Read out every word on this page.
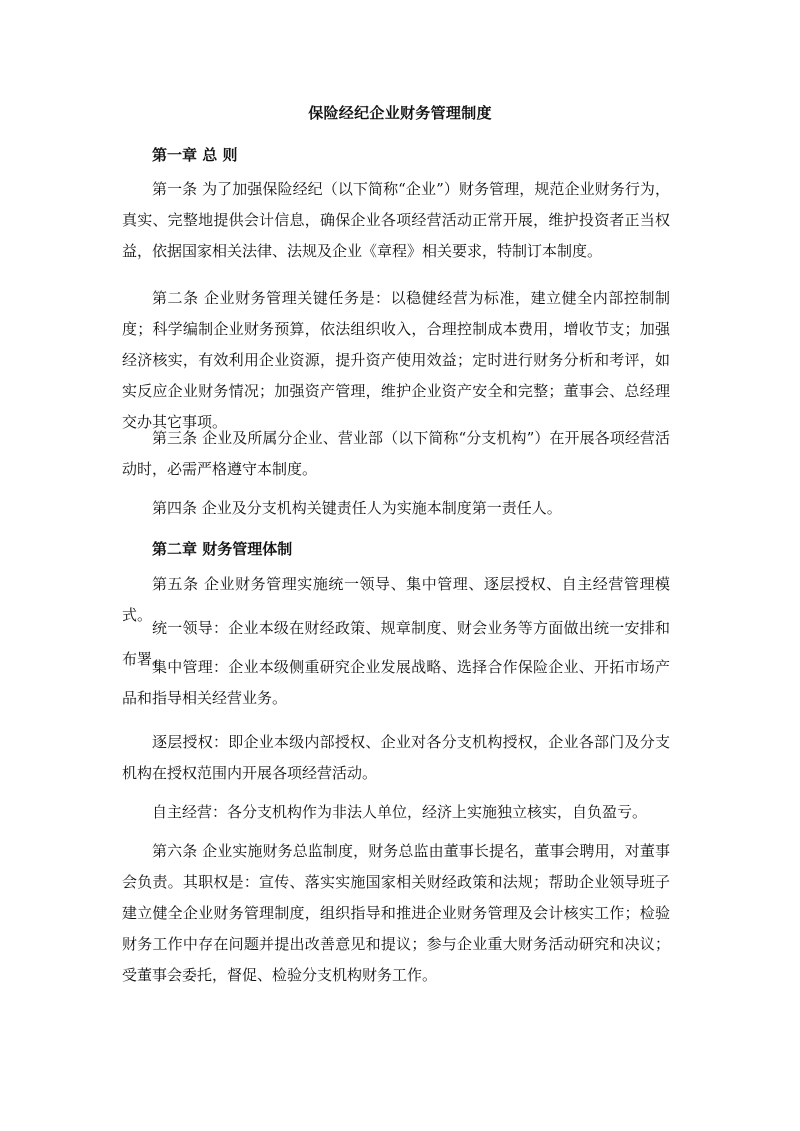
保险经纪企业财务管理制度
第一章 总 则

第一条 为了加强保险经纪（以下简称“企业”）财务管理，规范企业财务行为，真实、完整地提供会计信息，确保企业各项经营活动正常开展，维护投资者正当权益，依据国家相关法律、法规及企业《章程》相关要求，特制订本制度。

第二条 企业财务管理关键任务是：以稳健经营为标准，建立健全内部控制制度；科学编制企业财务预算，依法组织收入，合理控制成本费用，增收节支；加强经济核实，有效利用企业资源，提升资产使用效益；定时进行财务分析和考评，如实反应企业财务情况；加强资产管理，维护企业资产安全和完整；董事会、总经理交办其它事项。

第三条 企业及所属分企业、营业部（以下简称“分支机构”）在开展各项经营活动时，必需严格遵守本制度。

第四条 企业及分支机构关键责任人为实施本制度第一责任人。

第二章 财务管理体制

第五条 企业财务管理实施统一领导、集中管理、逐层授权、自主经营管理模式。

统一领导：企业本级在财经政策、规章制度、财会业务等方面做出统一安排和布署。

集中管理：企业本级侧重研究企业发展战略、选择合作保险企业、开拓市场产品和指导相关经营业务。

逐层授权：即企业本级内部授权、企业对各分支机构授权，企业各部门及分支机构在授权范围内开展各项经营活动。

自主经营：各分支机构作为非法人单位，经济上实施独立核实，自负盈亏。

第六条 企业实施财务总监制度，财务总监由董事长提名，董事会聘用，对董事会负责。其职权是：宣传、落实实施国家相关财经政策和法规；帮助企业领导班子建立健全企业财务管理制度，组织指导和推进企业财务管理及会计核实工作；检验财务工作中存在问题并提出改善意见和提议；参与企业重大财务活动研究和决议；受董事会委托，督促、检验分支机构财务工作。
